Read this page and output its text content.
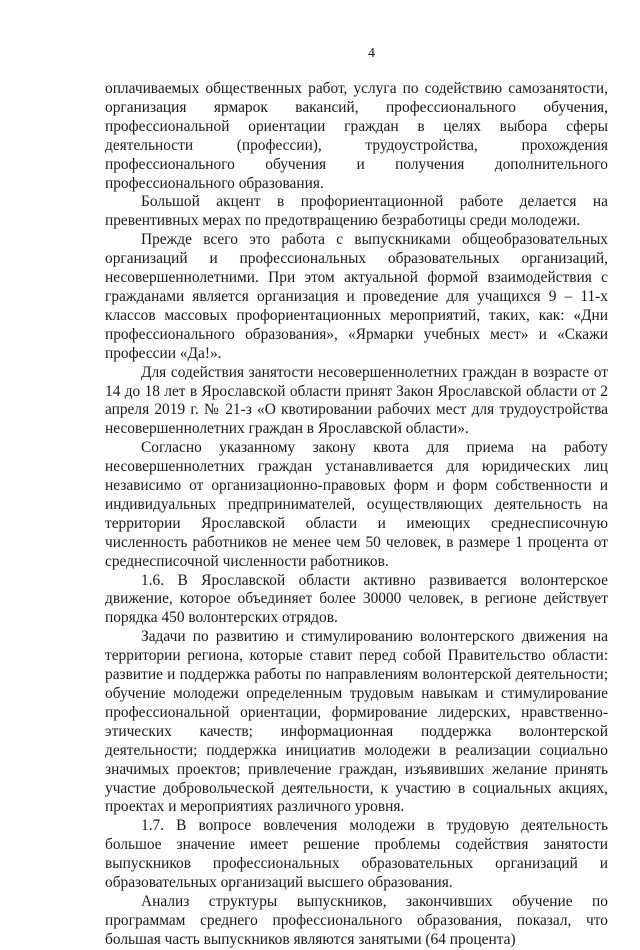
4

оплачиваемых общественных работ, услуга по содействию самозанятости, организация ярмарок вакансий, профессионального обучения, профессиональной ориентации граждан в целях выбора сферы деятельности (профессии), трудоустройства, прохождения профессионального обучения и получения дополнительного профессионального образования.

Большой акцент в профориентационной работе делается на превентивных мерах по предотвращению безработицы среди молодежи.

Прежде всего это работа с выпускниками общеобразовательных организаций и профессиональных образовательных организаций, несовершеннолетними. При этом актуальной формой взаимодействия с гражданами является организация и проведение для учащихся 9 – 11-х классов массовых профориентационных мероприятий, таких, как: «Дни профессионального образования», «Ярмарки учебных мест» и «Скажи профессии «Да!».

Для содействия занятости несовершеннолетних граждан в возрасте от 14 до 18 лет в Ярославской области принят Закон Ярославской области от 2 апреля 2019 г. № 21-з «О квотировании рабочих мест для трудоустройства несовершеннолетних граждан в Ярославской области».

Согласно указанному закону квота для приема на работу несовершеннолетних граждан устанавливается для юридических лиц независимо от организационно-правовых форм и форм собственности и индивидуальных предпринимателей, осуществляющих деятельность на территории Ярославской области и имеющих среднесписочную численность работников не менее чем 50 человек, в размере 1 процента от среднесписочной численности работников.

1.6. В Ярославской области активно развивается волонтерское движение, которое объединяет более 30000 человек, в регионе действует порядка 450 волонтерских отрядов.

Задачи по развитию и стимулированию волонтерского движения на территории региона, которые ставит перед собой Правительство области: развитие и поддержка работы по направлениям волонтерской деятельности; обучение молодежи определенным трудовым навыкам и стимулирование профессиональной ориентации, формирование лидерских, нравственно-этических качеств; информационная поддержка волонтерской деятельности; поддержка инициатив молодежи в реализации социально значимых проектов; привлечение граждан, изъявивших желание принять участие добровольческой деятельности, к участию в социальных акциях, проектах и мероприятиях различного уровня.

1.7. В вопросе вовлечения молодежи в трудовую деятельность большое значение имеет решение проблемы содействия занятости выпускников профессиональных образовательных организаций и образовательных организаций высшего образования.

Анализ структуры выпускников, закончивших обучение по программам среднего профессионального образования, показал, что большая часть выпускников являются занятыми (64 процента)
